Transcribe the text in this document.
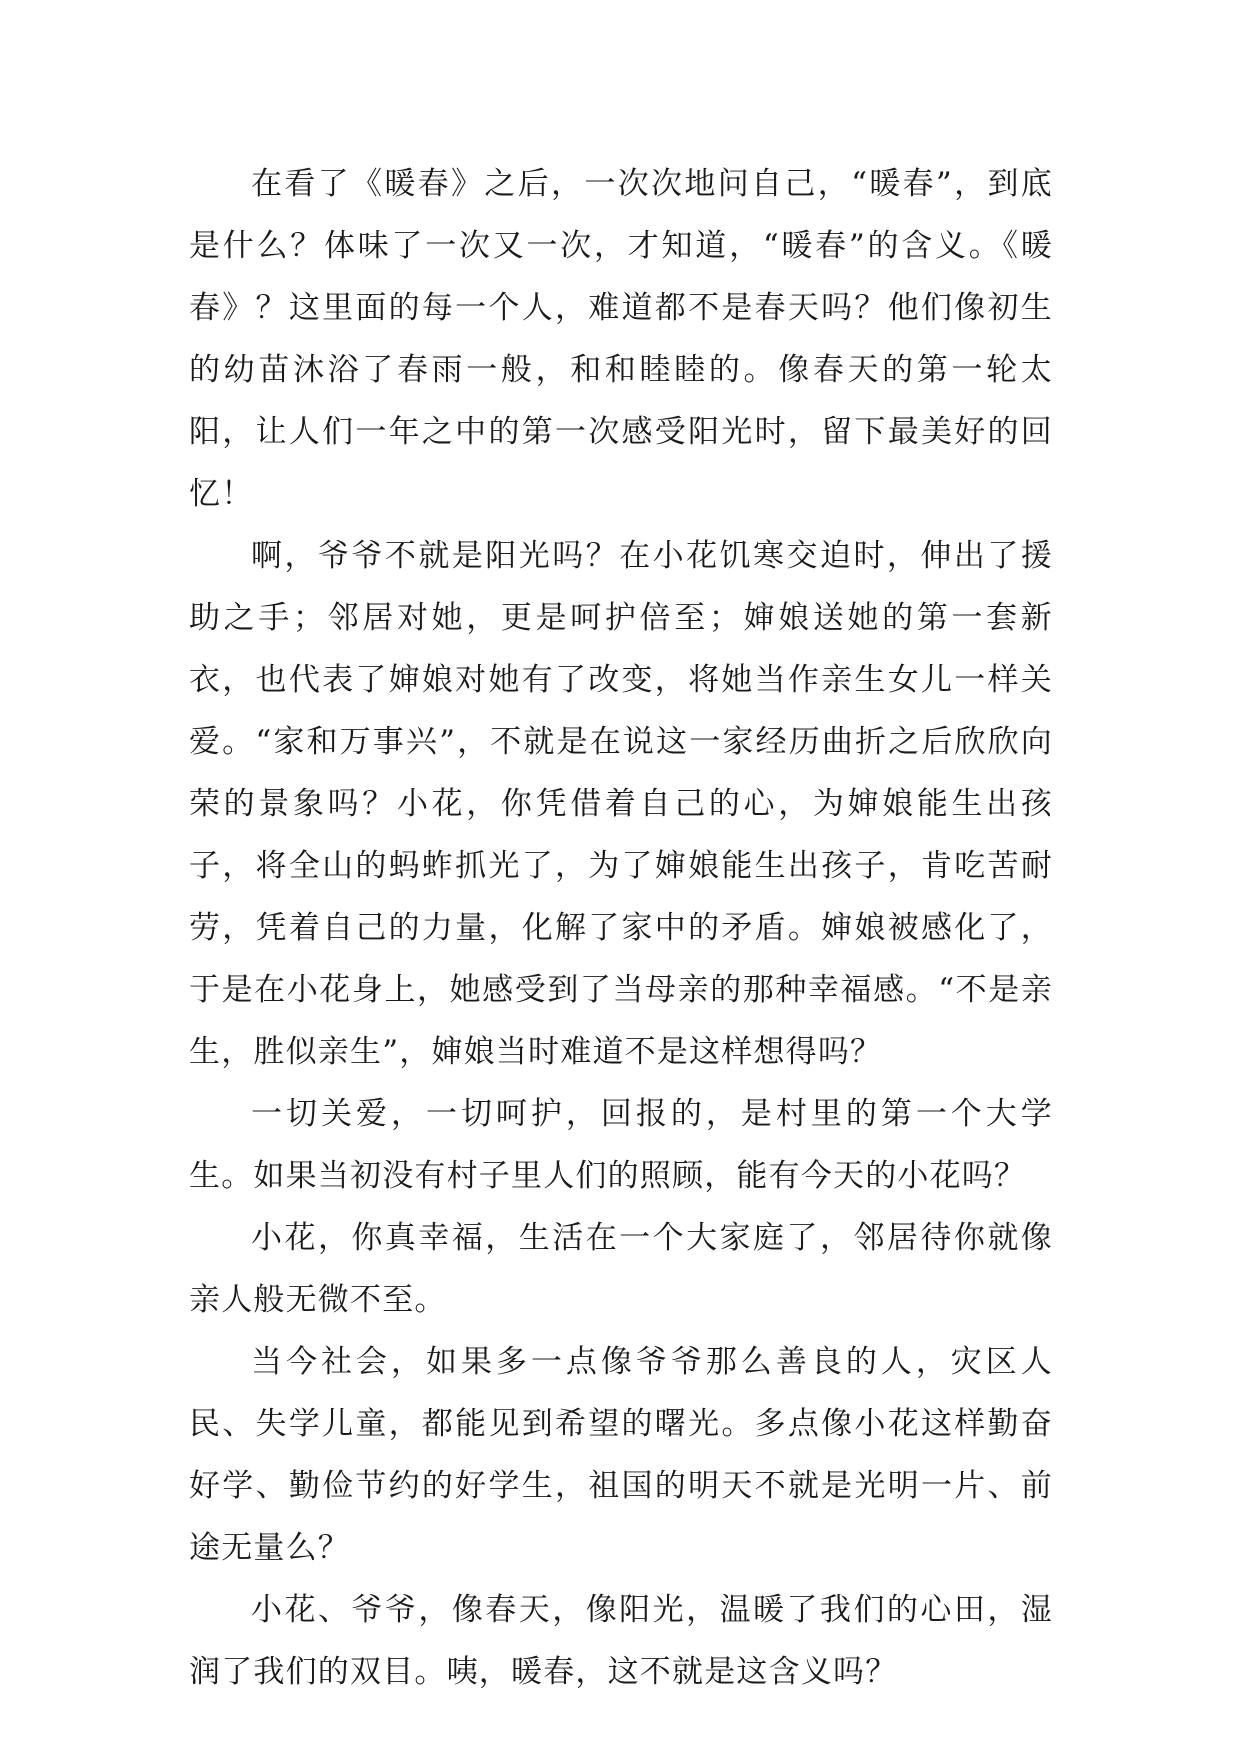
在看了《暖春》之后，一次次地问自己，“暖春”，到底是什么？体味了一次又一次，才知道，“暖春”的含义。《暖春》？这里面的每一个人，难道都不是春天吗？他们像初生的幼苗沐浴了春雨一般，和和睦睦的。像春天的第一轮太阳，让人们一年之中的第一次感受阳光时，留下最美好的回忆！

啊，爷爷不就是阳光吗？在小花饥寒交迫时，伸出了援助之手；邻居对她，更是呵护倍至；婶娘送她的第一套新衣，也代表了婶娘对她有了改变，将她当作亲生女儿一样关爱。“家和万事兴”，不就是在说这一家经历曲折之后欣欣向荣的景象吗？小花，你凭借着自己的心，为婶娘能生出孩子，将全山的蚂蚱抓光了，为了婶娘能生出孩子，肯吃苦耐劳，凭着自己的力量，化解了家中的矛盾。婶娘被感化了，于是在小花身上，她感受到了当母亲的那种幸福感。“不是亲生，胜似亲生”，婶娘当时难道不是这样想得吗？

一切关爱，一切呵护，回报的，是村里的第一个大学生。如果当初没有村子里人们的照顾，能有今天的小花吗？

小花，你真幸福，生活在一个大家庭了，邻居待你就像亲人般无微不至。

当今社会，如果多一点像爷爷那么善良的人，灾区人民、失学儿童，都能见到希望的曙光。多点像小花这样勤奋好学、勤俭节约的好学生，祖国的明天不就是光明一片、前途无量么？

小花、爷爷，像春天，像阳光，温暖了我们的心田，湿润了我们的双目。咦，暖春，这不就是这含义吗？
